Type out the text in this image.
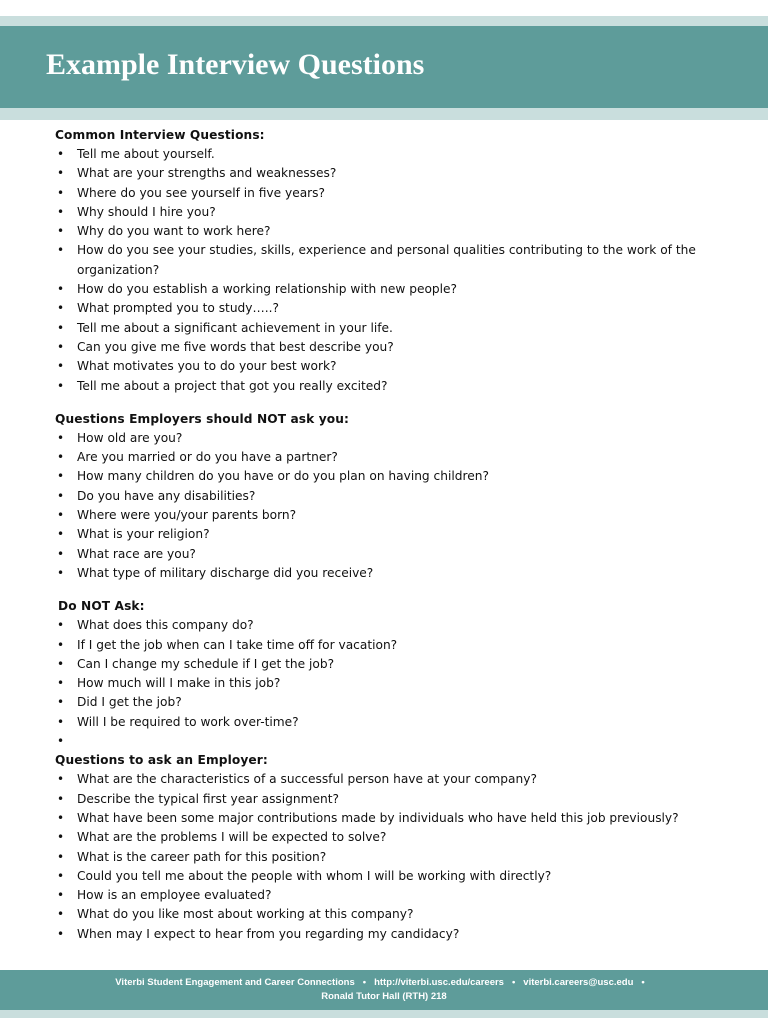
Example Interview Questions
Common Interview Questions:
• Tell me about yourself.
• What are your strengths and weaknesses?
• Where do you see yourself in five years?
• Why should I hire you?
• Why do you want to work here?
• How do you see your studies, skills, experience and personal qualities contributing to the work of the organization?
• How do you establish a working relationship with new people?
• What prompted you to study…..?
• Tell me about a significant achievement in your life.
• Can you give me five words that best describe you?
• What motivates you to do your best work?
• Tell me about a project that got you really excited?
Questions Employers should NOT ask you:
• How old are you?
• Are you married or do you have a partner?
• How many children do you have or do you plan on having children?
• Do you have any disabilities?
• Where were you/your parents born?
• What is your religion?
• What race are you?
• What type of military discharge did you receive?
Do NOT Ask:
• What does this company do?
• If I get the job when can I take time off for vacation?
• Can I change my schedule if I get the job?
• How much will I make in this job?
• Did I get the job?
• Will I be required to work over-time?
•
Questions to ask an Employer:
• What are the characteristics of a successful person have at your company?
• Describe the typical first year assignment?
• What have been some major contributions made by individuals who have held this job previously?
• What are the problems I will be expected to solve?
• What is the career path for this position?
• Could you tell me about the people with whom I will be working with directly?
• How is an employee evaluated?
• What do you like most about working at this company?
• When may I expect to hear from you regarding my candidacy?
Viterbi Student Engagement and Career Connections • http://viterbi.usc.edu/careers • viterbi.careers@usc.edu •
Ronald Tutor Hall (RTH) 218
